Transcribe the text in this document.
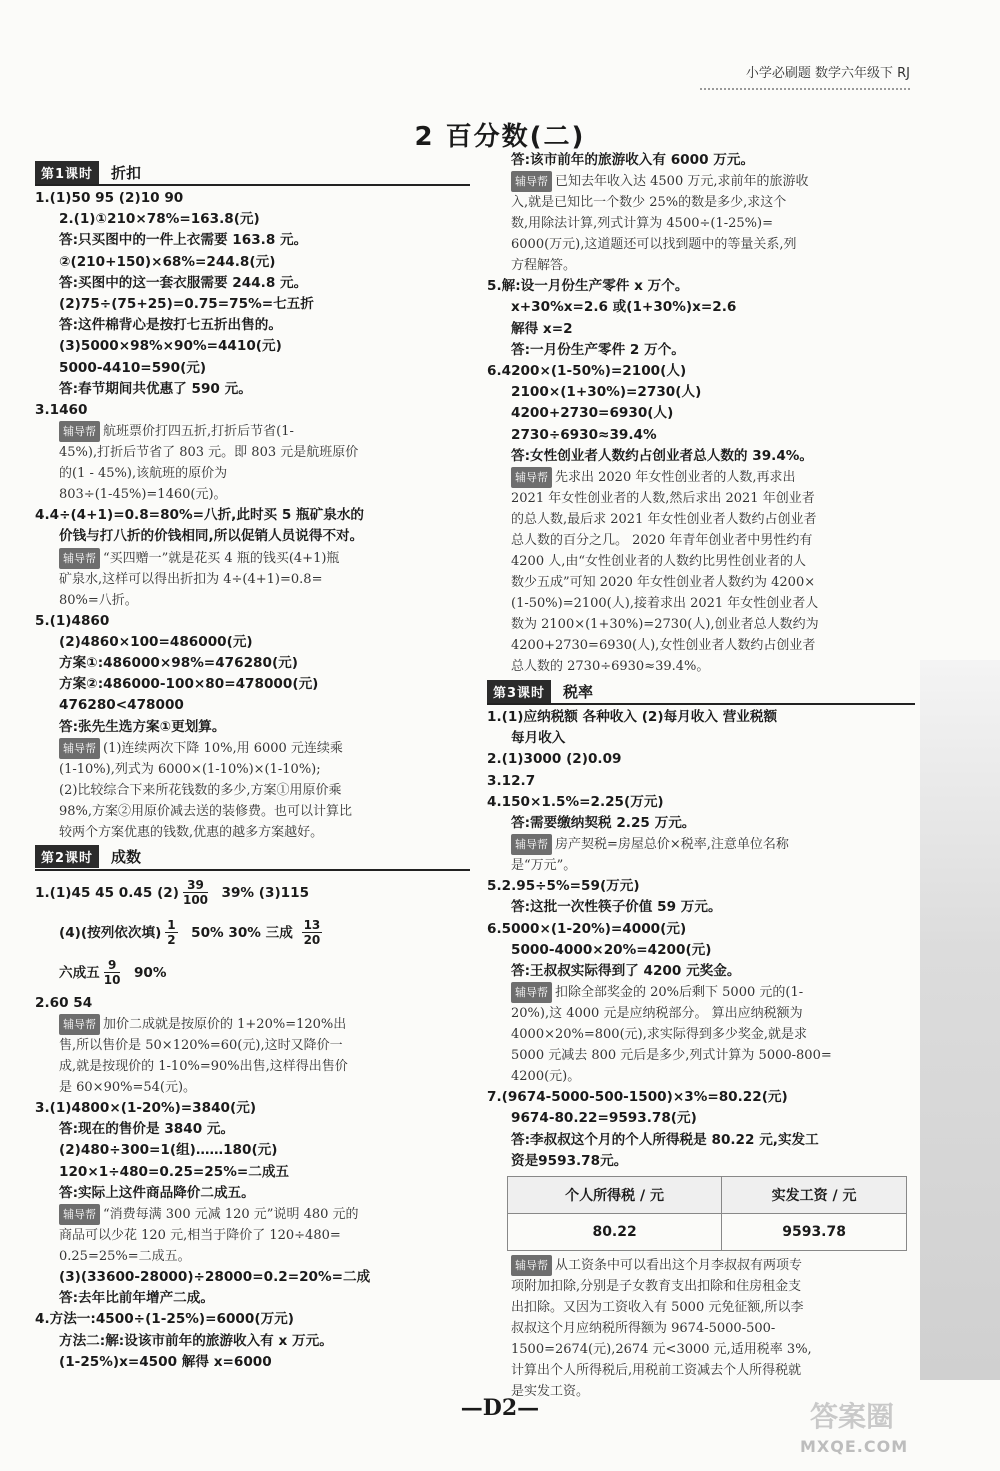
小学必刷题 数学六年级下 RJ
2 百分数(二)
第1课时	折扣
1.(1)50 95 (2)10 90
2.(1)①210×78%=163.8(元)
答:只买图中的一件上衣需要 163.8 元。
②(210+150)×68%=244.8(元)
答:买图中的这一套衣服需要 244.8 元。
(2)75÷(75+25)=0.75=75%=七五折
答:这件棉背心是按打七五折出售的。
(3)5000×98%×90%=4410(元)
5000-4410=590(元)
答:春节期间共优惠了 590 元。
3.1460

辅导帮 航班票价打四五折,打折后节省(1-

45%),打折后节省了 803 元。即 803 元是航班原价

的(1 - 45%),该航班的原价为

803÷(1-45%)=1460(元)。

4.4÷(4+1)=0.8=80%=八折,此时买 5 瓶矿泉水的
价钱与打八折的价钱相同,所以促销人员说得不对。

辅导帮 “买四赠一”就是花买 4 瓶的钱买(4+1)瓶

矿泉水,这样可以得出折扣为 4÷(4+1)=0.8=

80%=八折。

5.(1)4860
(2)4860×100=486000(元)
方案①:486000×98%=476280(元)
方案②:486000-100×80=478000(元)
476280<478000
答:张先生选方案①更划算。

辅导帮 (1)连续两次下降 10%,用 6000 元连续乘

(1-10%),列式为 6000×(1-10%)×(1-10%);

(2)比较综合下来所花钱数的多少,方案①用原价乘

98%,方案②用原价减去送的装修费。也可以计算比

较两个方案优惠的钱数,优惠的越多方案越好。

第2课时	成数
1.(1)45 45 0.45 $(2) \frac{39}{100} 39\%$ (3)115
(4)(按列依次填) $\frac{1}{2} 50\%$ 30% 三成 $\frac{13}{20}$
六成五 $\frac{9}{10} 90\%$
2.60 54

辅导帮 加价二成就是按原价的 1+20%=120%出

售,所以售价是 50×120%=60(元),这时又降价一

成,就是按现价的 1-10%=90%出售,这样得出售价

是 60×90%=54(元)。

3.(1)4800×(1-20%)=3840(元)
答:现在的售价是 3840 元。
(2)480÷300=1(组)……180(元)
120×1÷480=0.25=25%=二成五
答:实际上这件商品降价二成五。

辅导帮 “消费每满 300 元减 120 元”说明 480 元的

商品可以少花 120 元,相当于降价了 120÷480=

0.25=25%=二成五。

(3)(33600-28000)÷28000=0.2=20%=二成
答:去年比前年增产二成。
4.方法一:4500÷(1-25%)=6000(万元)
方法二:解:设该市前年的旅游收入有 x 万元。
(1-25%)x=4500 解得 x=6000
答:该市前年的旅游收入有 6000 万元。

辅导帮 已知去年收入达 4500 万元,求前年的旅游收

入,就是已知比一个数少 25%的数是多少,求这个

数,用除法计算,列式计算为 4500÷(1-25%)=

6000(万元),这道题还可以找到题中的等量关系,列

方程解答。

5.解:设一月份生产零件 x 万个。
x+30%x=2.6 或(1+30%)x=2.6
解得 x=2
答:一月份生产零件 2 万个。
6.4200×(1-50%)=2100(人)
2100×(1+30%)=2730(人)
4200+2730=6930(人)
2730÷6930≈39.4%
答:女性创业者人数约占创业者总人数的 39.4%。

辅导帮 先求出 2020 年女性创业者的人数,再求出

2021 年女性创业者的人数,然后求出 2021 年创业者

的总人数,最后求 2021 年女性创业者人数约占创业者

总人数的百分之几。 2020 年青年创业者中男性约有

4200 人,由“女性创业者的人数约比男性创业者的人

数少五成”可知 2020 年女性创业者人数约为 4200×

(1-50%)=2100(人),接着求出 2021 年女性创业者人

数为 2100×(1+30%)=2730(人),创业者总人数约为

4200+2730=6930(人),女性创业者人数约占创业者

总人数的 2730÷6930≈39.4%。

第3课时	税率
1.(1)应纳税额 各种收入 (2)每月收入 营业税额
每月收入
2.(1)3000 (2)0.09
3.12.7
4.150×1.5%=2.25(万元)
答:需要缴纳契税 2.25 万元。

辅导帮 房产契税=房屋总价×税率,注意单位名称

是“万元”。

5.2.95÷5%=59(万元)
答:这批一次性筷子价值 59 万元。
6.5000×(1-20%)=4000(元)
5000-4000×20%=4200(元)
答:王叔叔实际得到了 4200 元奖金。

辅导帮 扣除全部奖金的 20%后剩下 5000 元的(1-

20%),这 4000 元是应纳税部分。 算出应纳税额为

4000×20%=800(元),求实际得到多少奖金,就是求

5000 元减去 800 元后是多少,列式计算为 5000-800=

4200(元)。

7.(9674-5000-500-1500)×3%=80.22(元)
9674-80.22=9593.78(元)
答:李叔叔这个月的个人所得税是 80.22 元,实发工
资是9593.78元。
个人所得税 / 元	实发工资 / 元
80.22	9593.78

辅导帮 从工资条中可以看出这个月李叔叔有两项专

项附加扣除,分别是子女教育支出扣除和住房租金支

出扣除。又因为工资收入有 5000 元免征额,所以李

叔叔这个月应纳税所得额为 9674-5000-500-

1500=2674(元),2674 元<3000 元,适用税率 3%,

计算出个人所得税后,用税前工资减去个人所得税就

是实发工资。

—D2—	答案圈
MXQE.COM
